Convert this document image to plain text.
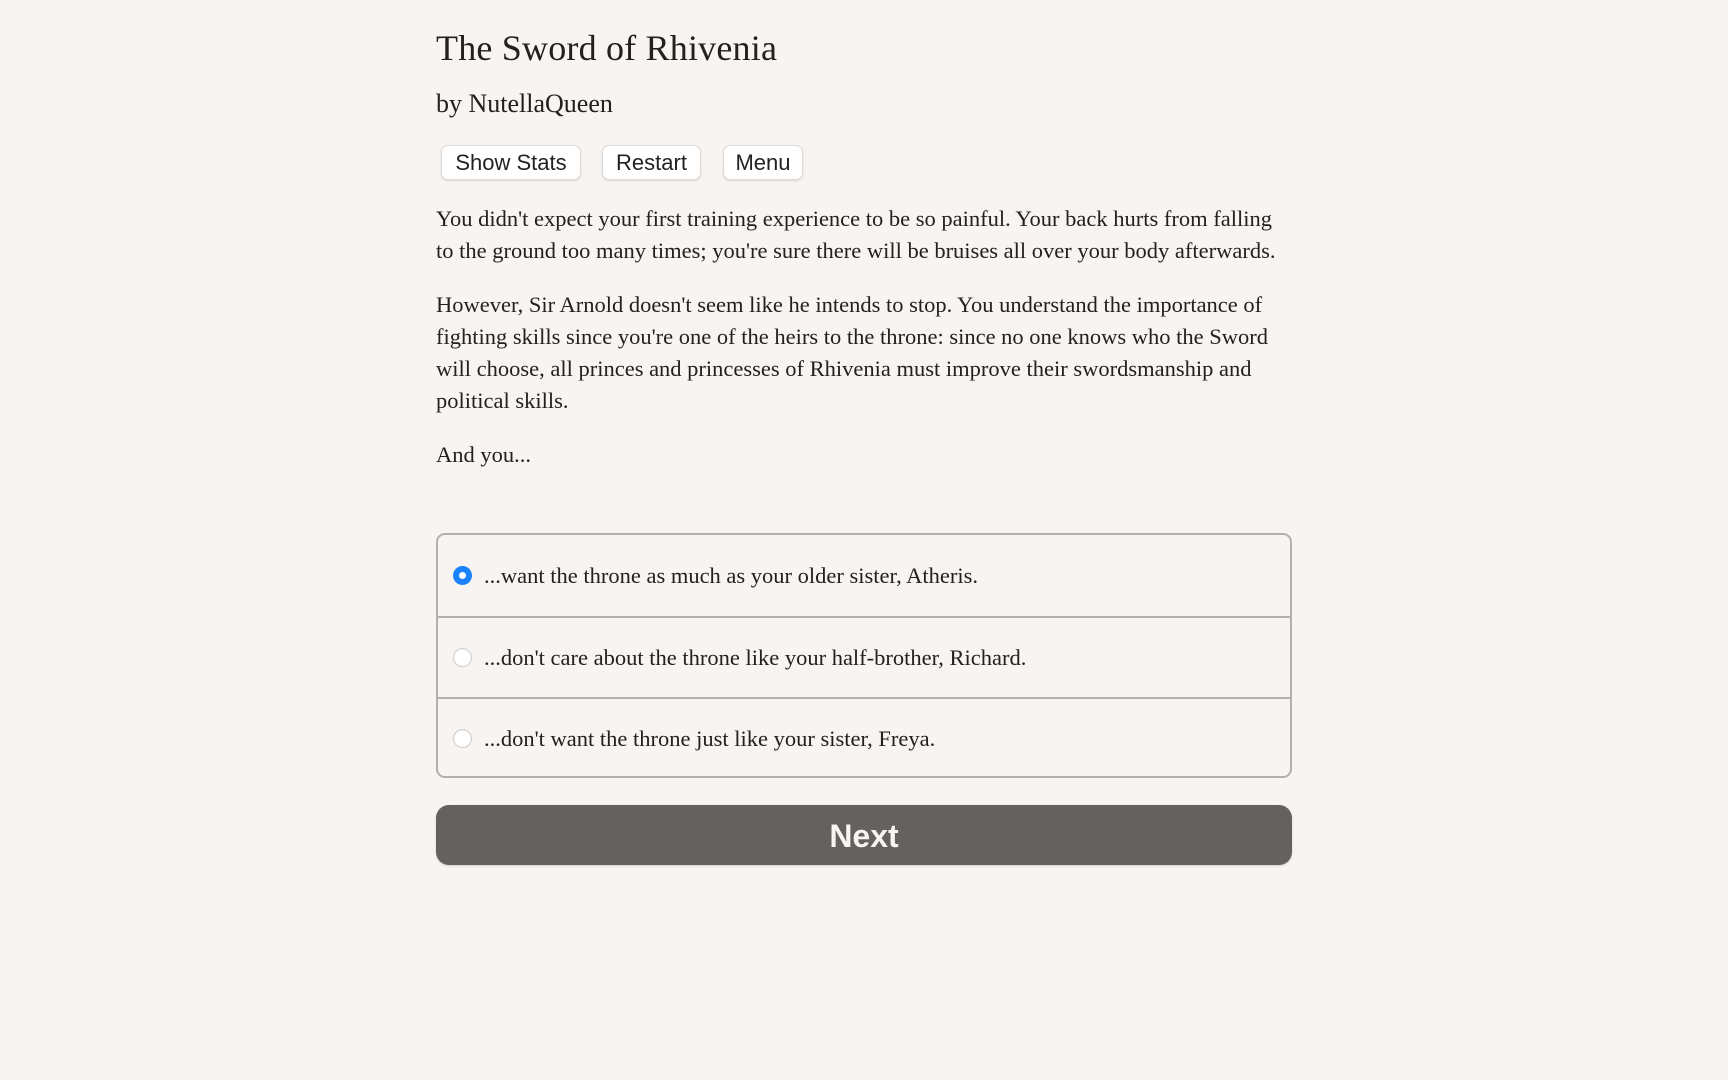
The Sword of Rhivenia
by NutellaQueen
Show Stats	Restart	Menu

You didn't expect your first training experience to be so painful. Your back hurts from falling to the ground too many times; you're sure there will be bruises all over your body afterwards.

However, Sir Arnold doesn't seem like he intends to stop. You understand the importance of fighting skills since you're one of the heirs to the throne: since no one knows who the Sword will choose, all princes and princesses of Rhivenia must improve their swordsmanship and political skills.

And you...

...want the throne as much as your older sister, Atheris.
...don't care about the throne like your half-brother, Richard.
...don't want the throne just like your sister, Freya.
Next
